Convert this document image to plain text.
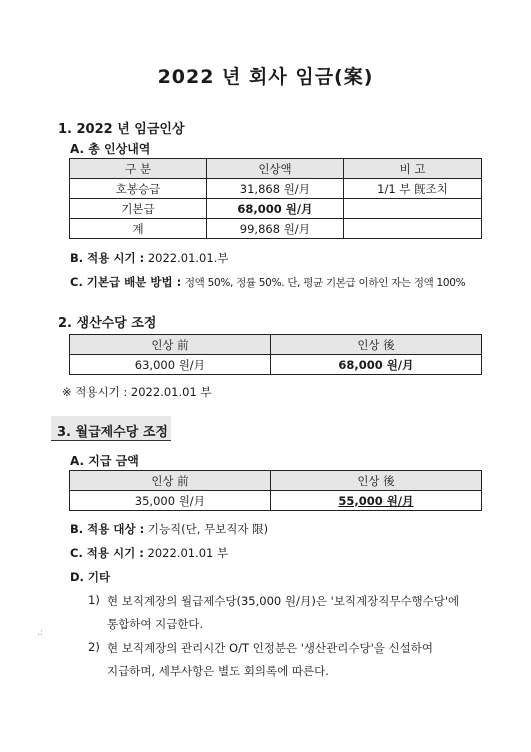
2022 년 회사 임금(案)
1. 2022 년 임금인상
A. 총 인상내역
구 분	인상액	비 고
호봉승급	31,868 원/月	1/1 부 旣조치
기본급	68,000 원/月	
계	99,868 원/月	
B. 적용 시기 : 2022.01.01.부
C. 기본급 배분 방법 : 정액 50%, 정률 50%. 단, 평균 기본급 이하인 자는 정액 100%
2. 생산수당 조정
인상 前	인상 後
63,000 원/月	68,000 원/月
※ 적용시기 : 2022.01.01 부
3. 월급제수당 조정
A. 지급 금액
인상 前	인상 後
35,000 원/月	55,000 원/月
B. 적용 대상 : 기능직(단, 무보직자 限)
C. 적용 시기 : 2022.01.01 부
D. 기타
1) 현 보직계장의 월급제수당(35,000 원/月)은 '보직계장직무수행수당'에
통합하여 지급한다.
2) 현 보직계장의 관리시간 O/T 인정분은 '생산관리수당'을 신설하여
지급하며, 세부사항은 별도 회의록에 따른다.
.:
